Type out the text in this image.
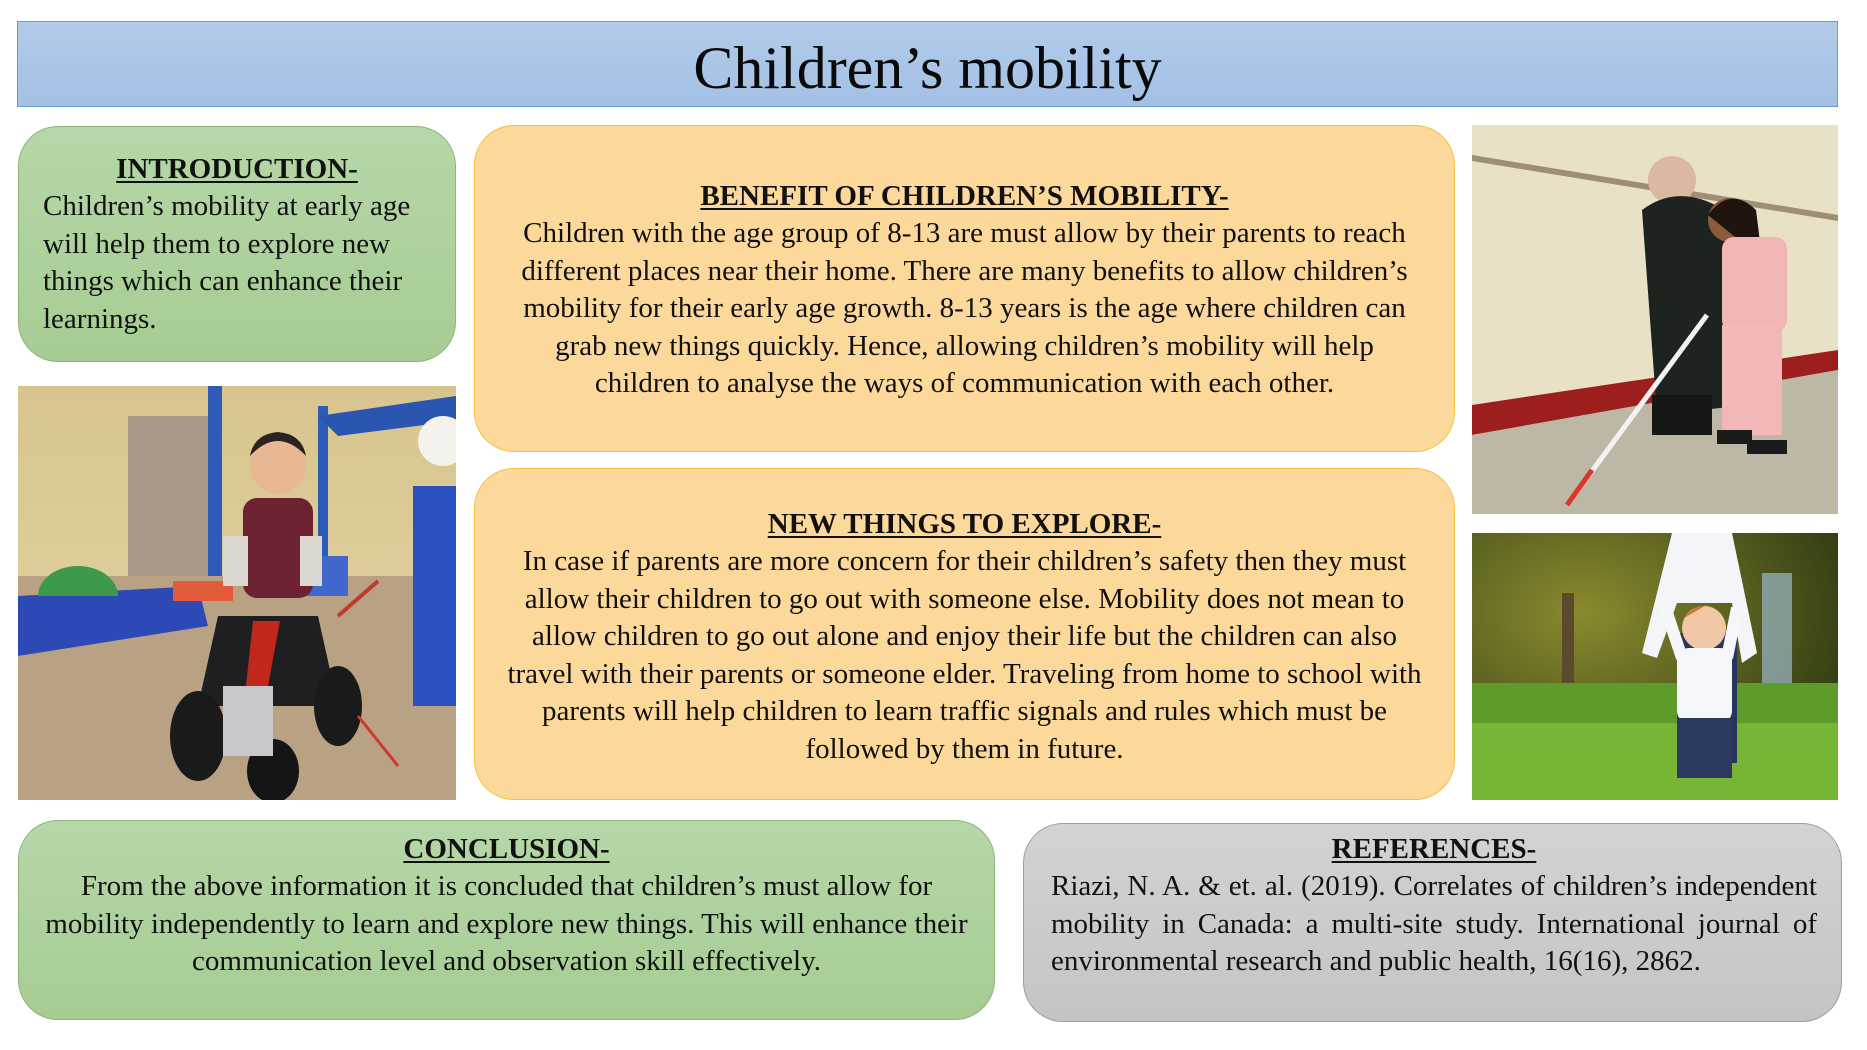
Children’s mobility

INTRODUCTION-

Children’s mobility at early age will help them to explore new things which can enhance their learnings.

BENEFIT OF CHILDREN’S MOBILITY-

Children with the age group of 8-13 are must allow by their parents to reach different places near their home. There are many benefits to allow children’s mobility for their early age growth. 8-13 years is the age where children can grab new things quickly. Hence, allowing children’s mobility will help children to analyse the ways of communication with each other.

NEW THINGS TO EXPLORE-

In case if parents are more concern for their children’s safety then they must allow their children to go out with someone else. Mobility does not mean to allow children to go out alone and enjoy their life but the children can also travel with their parents or someone elder. Traveling from home to school with parents will help children to learn traffic signals and rules which must be followed by them in future.

CONCLUSION-

From the above information it is concluded that children’s must allow for mobility independently to learn and explore new things. This will enhance their communication level and observation skill effectively.

REFERENCES-

Riazi, N. A. & et. al. (2019). Correlates of children’s independent mobility in Canada: a multi-site study. International journal of environmental research and public health, 16(16), 2862.
